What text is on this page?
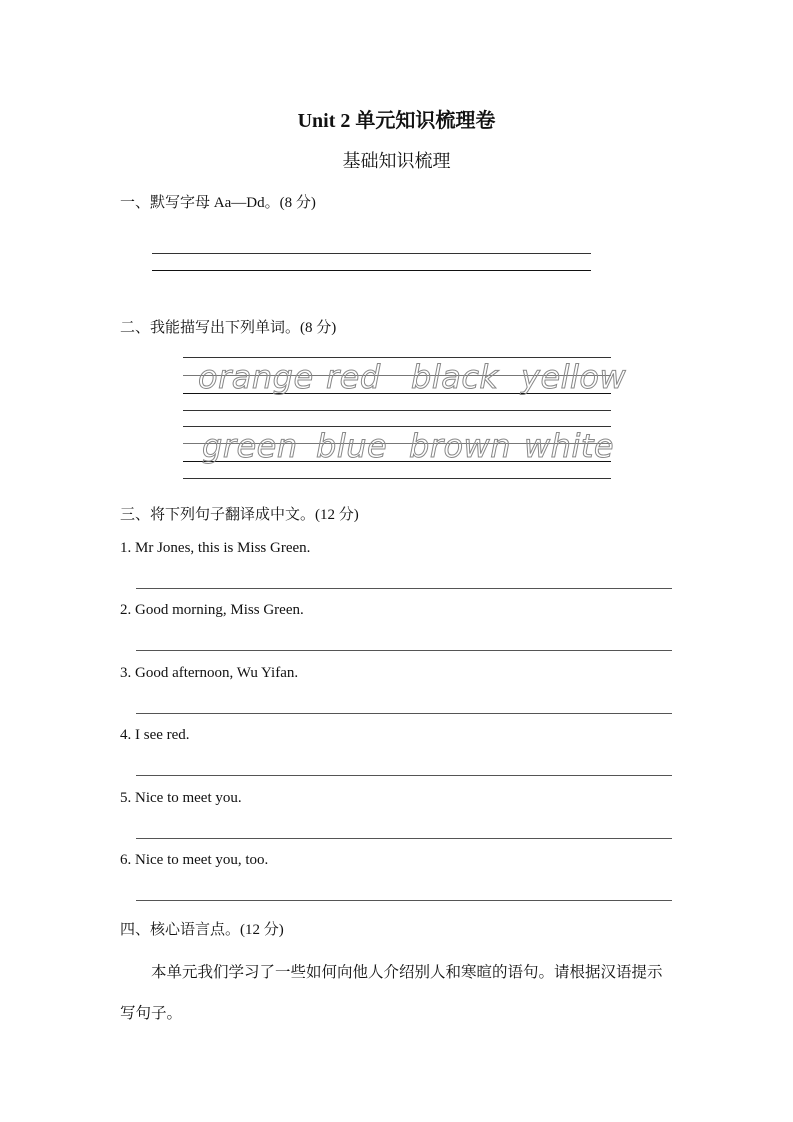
Unit 2 单元知识梳理卷
基础知识梳理
一、默写字母 Aa—Dd。(8 分)
二、我能描写出下列单词。(8 分)
orange red black yellow
green blue brown white
三、将下列句子翻译成中文。(12 分)
1. Mr Jones, this is Miss Green.
2. Good morning, Miss Green.
3. Good afternoon, Wu Yifan.
4. I see red.
5. Nice to meet you.
6. Nice to meet you, too.
四、核心语言点。(12 分)
本单元我们学习了一些如何向他人介绍别人和寒暄的语句。请根据汉语提示
写句子。
